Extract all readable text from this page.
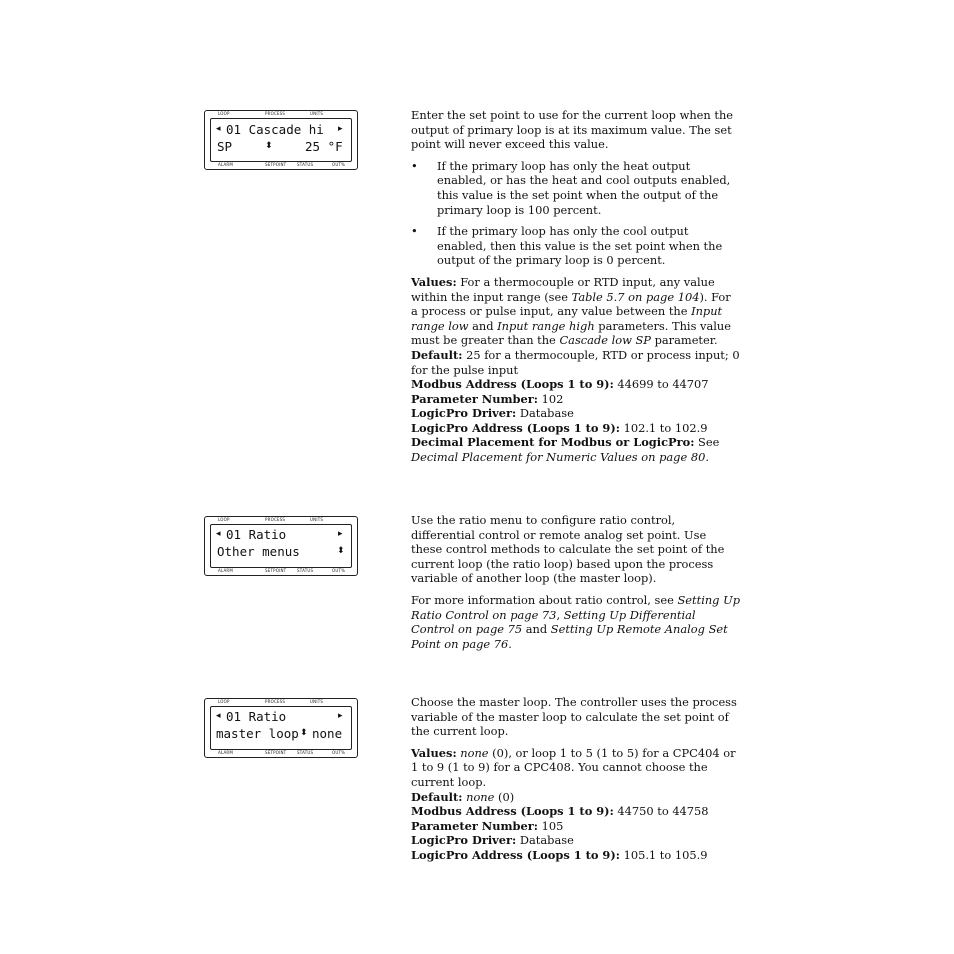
LOOP	PROCESS	UNITS
◂ 01 Cascade hi ▸
SP	⬍	25 °F
ALARM	SETPOINT	STATUS	OUT%
LOOP	PROCESS	UNITS
◂ 01 Ratio	▸
Other menus	⬍
ALARM	SETPOINT	STATUS	OUT%
LOOP	PROCESS	UNITS
◂ 01 Ratio	▸
master loop ⬍ none
ALARM	SETPOINT	STATUS	OUT%

Enter the set point to use for the current loop when the output of primary loop is at its maximum value. The set point will never exceed this value.

• If the primary loop has only the heat output enabled, or has the heat and cool outputs enabled, this value is the set point when the output of the primary loop is 100 percent.
• If the primary loop has only the cool output enabled, then this value is the set point when the output of the primary loop is 0 percent.

Values: For a thermocouple or RTD input, any value within the input range (see Table 5.7 on page 104). For a process or pulse input, any value between the Input range low and Input range high parameters. This value must be greater than the Cascade low SP parameter.

Default: 25 for a thermocouple, RTD or process input; 0 for the pulse input

Modbus Address (Loops 1 to 9): 44699 to 44707

Parameter Number: 102

LogicPro Driver: Database

LogicPro Address (Loops 1 to 9): 102.1 to 102.9

Decimal Placement for Modbus or LogicPro: See Decimal Placement for Numeric Values on page 80.

Use the ratio menu to configure ratio control, differential control or remote analog set point. Use these control methods to calculate the set point of the current loop (the ratio loop) based upon the process variable of another loop (the master loop).

For more information about ratio control, see Setting Up Ratio Control on page 73, Setting Up Differential Control on page 75 and Setting Up Remote Analog Set Point on page 76.

Choose the master loop. The controller uses the process variable of the master loop to calculate the set point of the current loop.

Values: none (0), or loop 1 to 5 (1 to 5) for a CPC404 or 1 to 9 (1 to 9) for a CPC408. You cannot choose the current loop.

Default: none (0)

Modbus Address (Loops 1 to 9): 44750 to 44758

Parameter Number: 105

LogicPro Driver: Database

LogicPro Address (Loops 1 to 9): 105.1 to 105.9
